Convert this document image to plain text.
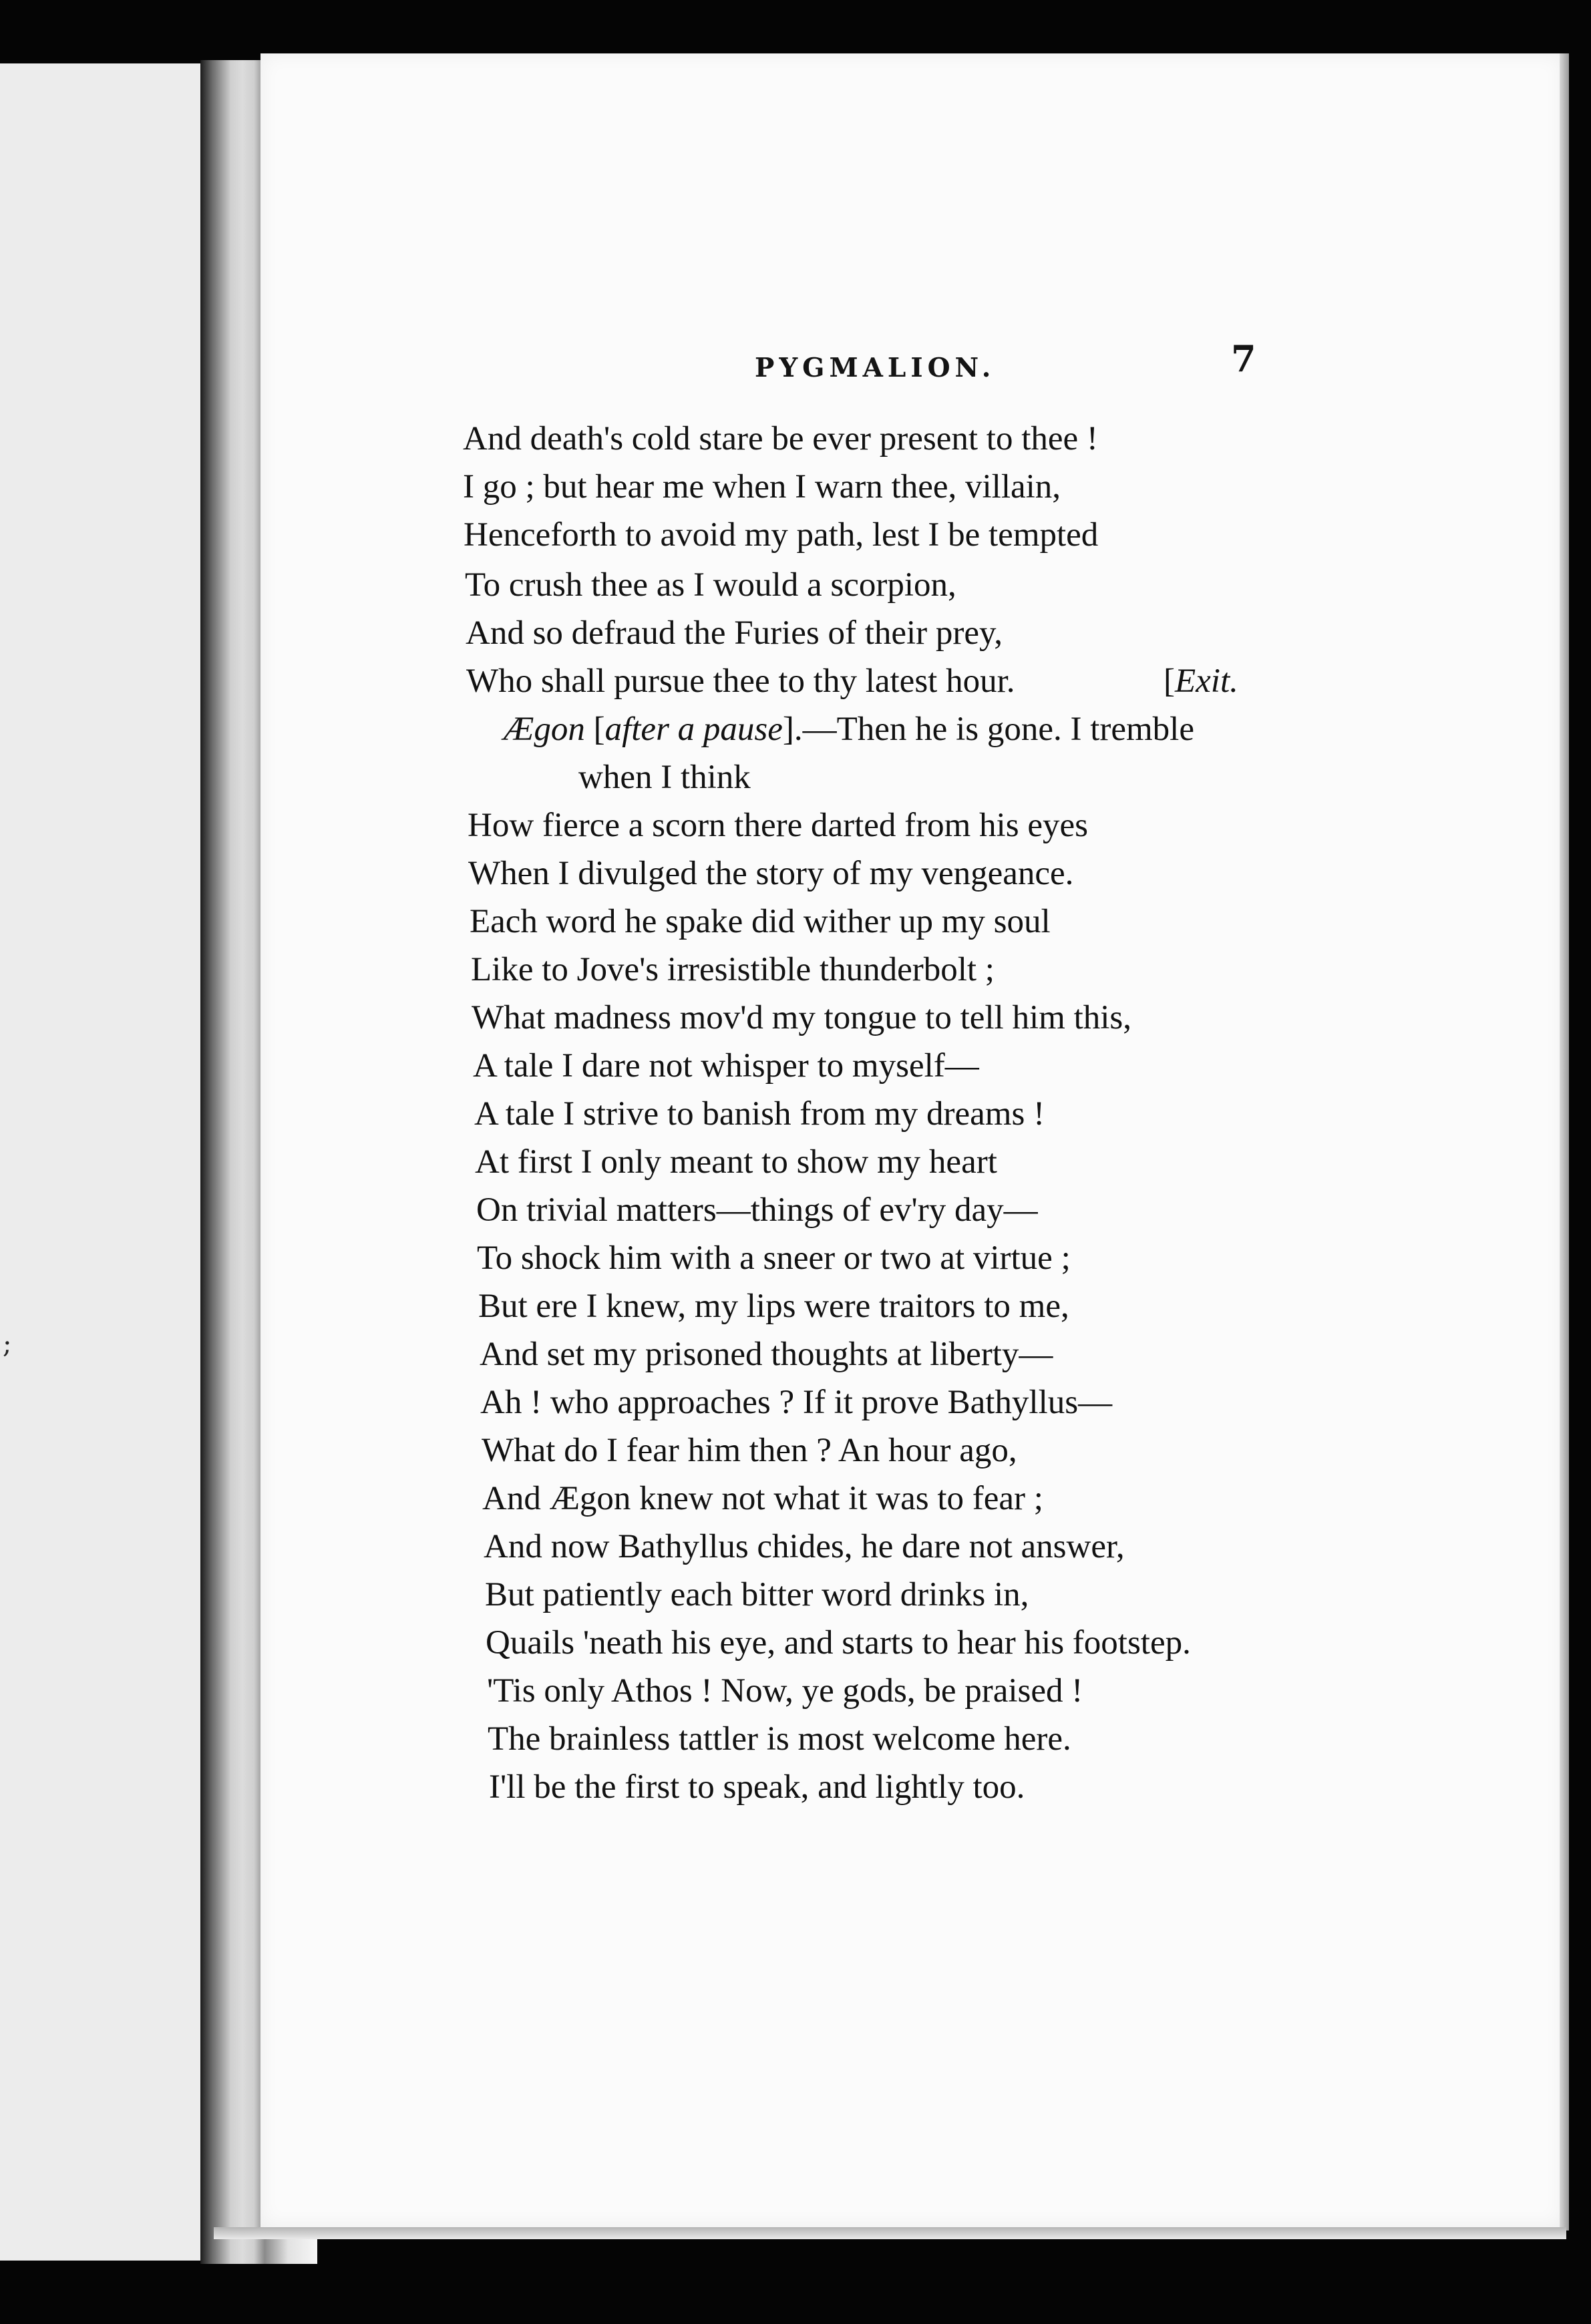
;
PYGMALION.	7

And death's cold stare be ever present to thee !

I go ; but hear me when I warn thee, villain,

Henceforth to avoid my path, lest I be tempted

To crush thee as I would a scorpion,

And so defraud the Furies of their prey,

Who shall pursue thee to thy latest hour.	[Exit.

Ægon [after a pause].—Then he is gone. I tremble

when I think

How fierce a scorn there darted from his eyes

When I divulged the story of my vengeance.

Each word he spake did wither up my soul

Like to Jove's irresistible thunderbolt ;

What madness mov'd my tongue to tell him this,

A tale I dare not whisper to myself—

A tale I strive to banish from my dreams !

At first I only meant to show my heart

On trivial matters—things of ev'ry day—

To shock him with a sneer or two at virtue ;

But ere I knew, my lips were traitors to me,

And set my prisoned thoughts at liberty—

Ah ! who approaches ? If it prove Bathyllus—

What do I fear him then ? An hour ago,

And Ægon knew not what it was to fear ;

And now Bathyllus chides, he dare not answer,

But patiently each bitter word drinks in,

Quails 'neath his eye, and starts to hear his footstep.

'Tis only Athos ! Now, ye gods, be praised !

The brainless tattler is most welcome here.

I'll be the first to speak, and lightly too.
